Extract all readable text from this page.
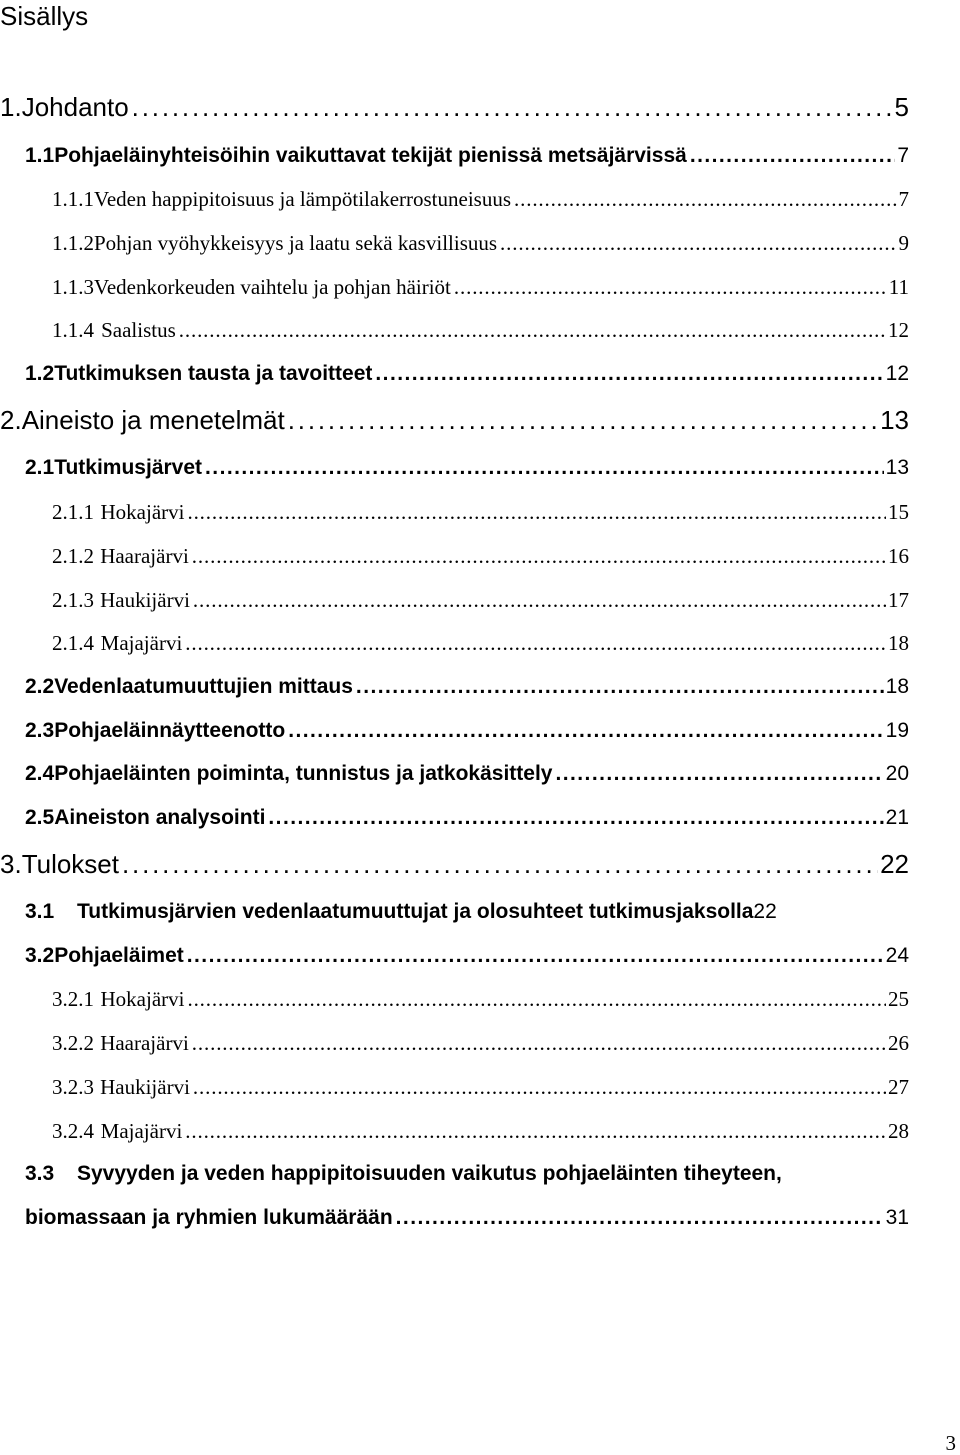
Sisällys
1. Johdanto . . .	5
1.1 Pohjaeläinyhteisöihin vaikuttavat tekijät pienissä metsäjärvissä . . .	7
1.1.1 Veden happipitoisuus ja lämpötilakerrostuneisuus . . .	7
1.1.2 Pohjan vyöhykkeisyys ja laatu sekä kasvillisuus . . .	9
1.1.3 Vedenkorkeuden vaihtelu ja pohjan häiriöt . . .	11
1.1.4 Saalistus . . .	12
1.2 Tutkimuksen tausta ja tavoitteet . . .	12
2. Aineisto ja menetelmät . . .	13
2.1 Tutkimusjärvet . . .	13
2.1.1 Hokajärvi . . .	15
2.1.2 Haarajärvi . . .	16
2.1.3 Haukijärvi . . .	17
2.1.4 Majajärvi . . .	18
2.2 Vedenlaatumuuttujien mittaus . . .	18
2.3 Pohjaeläinnäytteenotto . . .	19
2.4 Pohjaeläinten poiminta, tunnistus ja jatkokäsittely . . .	20
2.5 Aineiston analysointi . . .	21
3. Tulokset . . .	22
3.1	Tutkimusjärvien vedenlaatumuuttujat ja olosuhteet tutkimusjaksolla 22
3.2 Pohjaeläimet . . .	24
3.2.1 Hokajärvi . . .	25
3.2.2 Haarajärvi . . .	26
3.2.3 Haukijärvi . . .	27
3.2.4 Majajärvi . . .	28
3.3 Syvyyden ja veden happipitoisuuden vaikutus pohjaeläinten tiheyteen,
biomassaan ja ryhmien lukumäärään . . .	31
3
